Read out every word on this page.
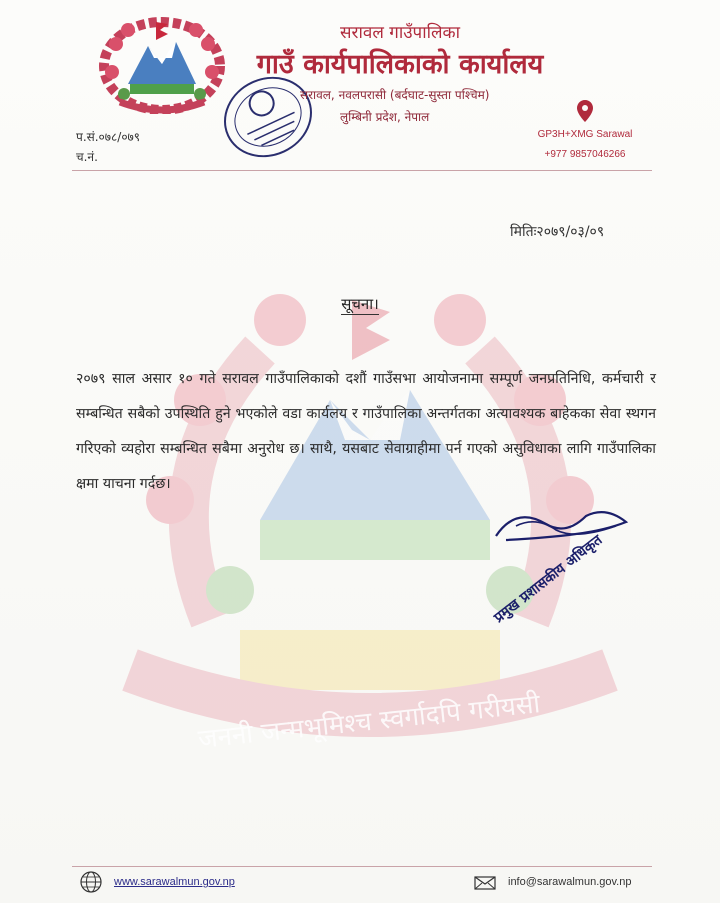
सरावल गाउँपालिका
गाउँ कार्यपालिकाको कार्यालय
सरावल, नवलपरासी (बर्दघाट-सुस्ता पश्चिम)
लुम्बिनी प्रदेश, नेपाल
प.सं.०७८/०७९
च.नं.
GP3H+XMG Sarawal
+977 9857046266
मितिः२०७९/०३/०९
जननी जन्मभूमिश्च स्वर्गादपि गरीयसी
सूचना।
२०७९ साल असार १० गते सरावल गाउँपालिकाको दशौं गाउँसभा आयोजनामा सम्पूर्ण जनप्रतिनिधि, कर्मचारी र सम्बन्धित सबैको उपस्थिति हुने भएकोले वडा कार्यलय र गाउँपालिका अन्तर्गतका अत्यावश्यक बाहेकका सेवा स्थगन गरिएको व्यहोरा सम्बन्धित सबैमा अनुरोध छ। साथै, यसबाट सेवाग्राहीमा पर्न गएको असुविधाका लागि गाउँपालिका क्षमा याचना गर्दछ।
प्रमुख प्रशासकीय अधिकृत
www.sarawalmun.gov.np	info@sarawalmun.gov.np
